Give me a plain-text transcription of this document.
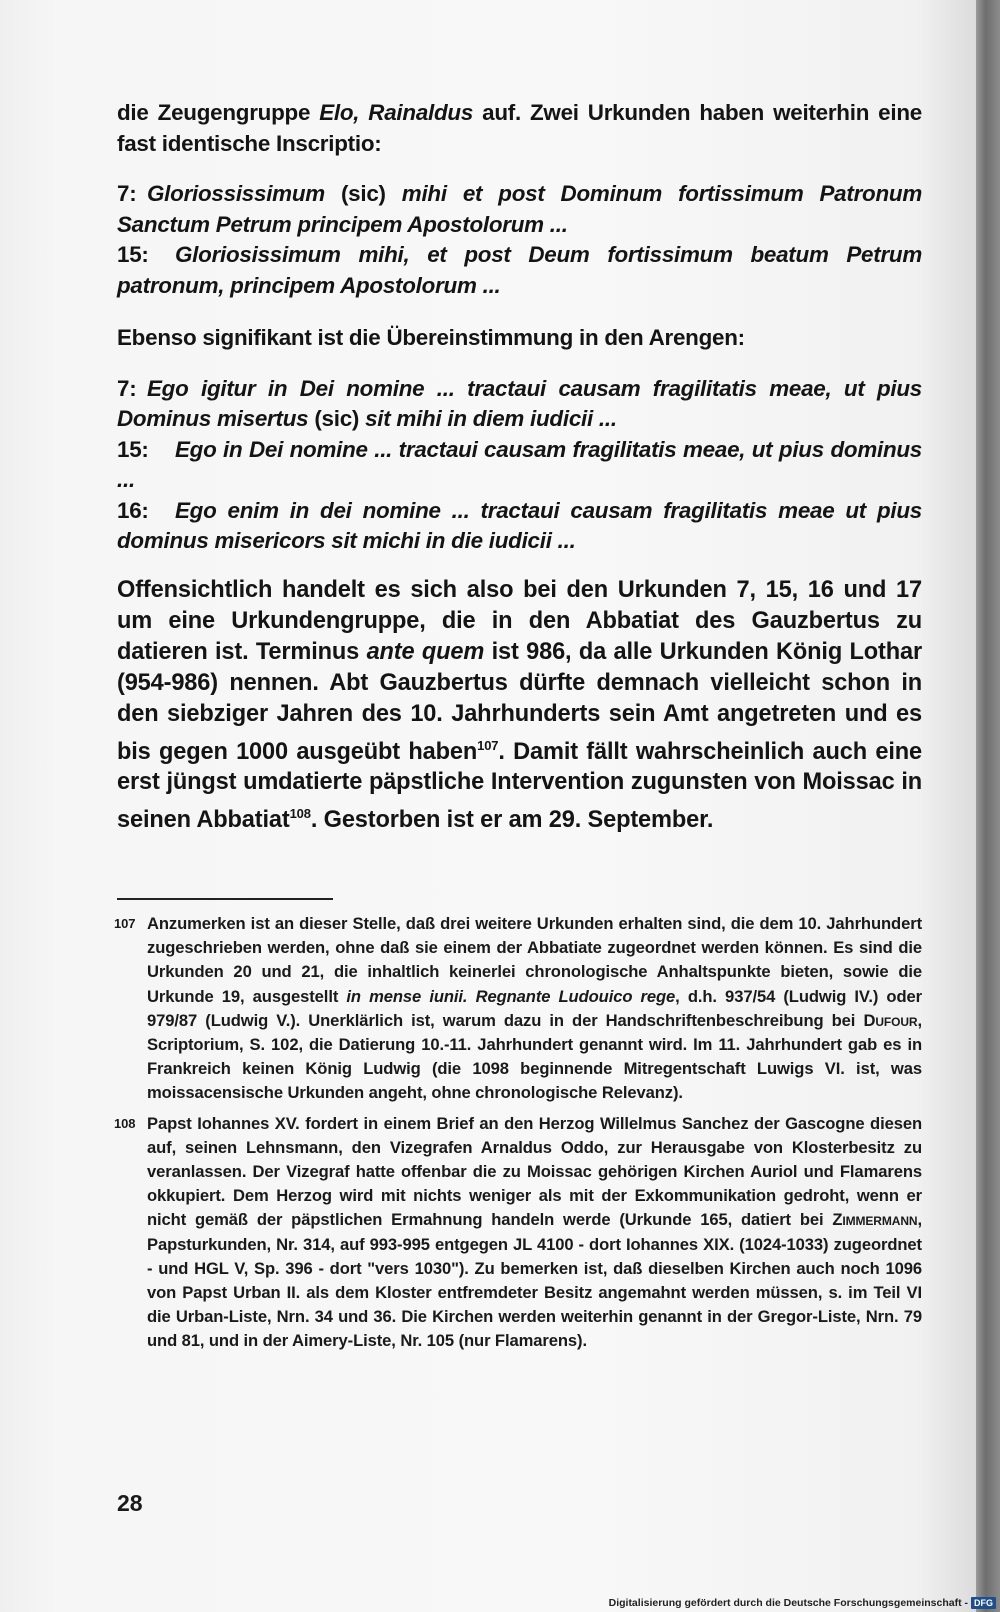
die Zeugengruppe Elo, Rainaldus auf. Zwei Urkunden haben weiterhin eine fast identische Inscriptio:

7: Gloriossissimum (sic) mihi et post Dominum fortissimum Patronum Sanctum Petrum principem Apostolorum ...

15: Gloriosissimum mihi, et post Deum fortissimum beatum Petrum patronum, principem Apostolorum ...

Ebenso signifikant ist die Übereinstimmung in den Arengen:

7: Ego igitur in Dei nomine ... tractaui causam fragilitatis meae, ut pius Dominus misertus (sic) sit mihi in diem iudicii ...

15: Ego in Dei nomine ... tractaui causam fragilitatis meae, ut pius dominus ...

16: Ego enim in dei nomine ... tractaui causam fragilitatis meae ut pius dominus misericors sit michi in die iudicii ...

Offensichtlich handelt es sich also bei den Urkunden 7, 15, 16 und 17 um eine Urkundengruppe, die in den Abbatiat des Gauzbertus zu datieren ist. Terminus ante quem ist 986, da alle Urkunden König Lothar (954-986) nennen. Abt Gauzbertus dürfte demnach vielleicht schon in den siebziger Jahren des 10. Jahrhunderts sein Amt angetreten und es bis gegen 1000 ausgeübt haben$^{107}$. Damit fällt wahrscheinlich auch eine erst jüngst umdatierte päpstliche Intervention zugunsten von Moissac in seinen Abbatiat$^{108}$. Gestorben ist er am 29. September.

107 Anzumerken ist an dieser Stelle, daß drei weitere Urkunden erhalten sind, die dem 10. Jahrhundert zugeschrieben werden, ohne daß sie einem der Abbatiate zugeordnet werden können. Es sind die Urkunden 20 und 21, die inhaltlich keinerlei chronologische Anhaltspunkte bieten, sowie die Urkunde 19, ausgestellt in mense iunii. Regnante Ludouico rege, d.h. 937/54 (Ludwig IV.) oder 979/87 (Ludwig V.). Unerklärlich ist, warum dazu in der Handschriftenbeschreibung bei Dufour, Scriptorium, S. 102, die Datierung 10.-11. Jahrhundert genannt wird. Im 11. Jahrhundert gab es in Frankreich keinen König Ludwig (die 1098 beginnende Mitregentschaft Luwigs VI. ist, was moissacensische Urkunden angeht, ohne chronologische Relevanz).
108 Papst Iohannes XV. fordert in einem Brief an den Herzog Willelmus Sanchez der Gascogne diesen auf, seinen Lehnsmann, den Vizegrafen Arnaldus Oddo, zur Herausgabe von Klosterbesitz zu veranlassen. Der Vizegraf hatte offenbar die zu Moissac gehörigen Kirchen Auriol und Flamarens okkupiert. Dem Herzog wird mit nichts weniger als mit der Exkommunikation gedroht, wenn er nicht gemäß der päpstlichen Ermahnung handeln werde (Urkunde 165, datiert bei Zimmermann, Papsturkunden, Nr. 314, auf 993-995 entgegen JL 4100 - dort Iohannes XIX. (1024-1033) zugeordnet - und HGL V, Sp. 396 - dort "vers 1030"). Zu bemerken ist, daß dieselben Kirchen auch noch 1096 von Papst Urban II. als dem Kloster entfremdeter Besitz angemahnt werden müssen, s. im Teil VI die Urban-Liste, Nrn. 34 und 36. Die Kirchen werden weiterhin genannt in der Gregor-Liste, Nrn. 79 und 81, und in der Aimery-Liste, Nr. 105 (nur Flamarens).
28
Digitalisierung gefördert durch die Deutsche Forschungsgemeinschaft - DFG
